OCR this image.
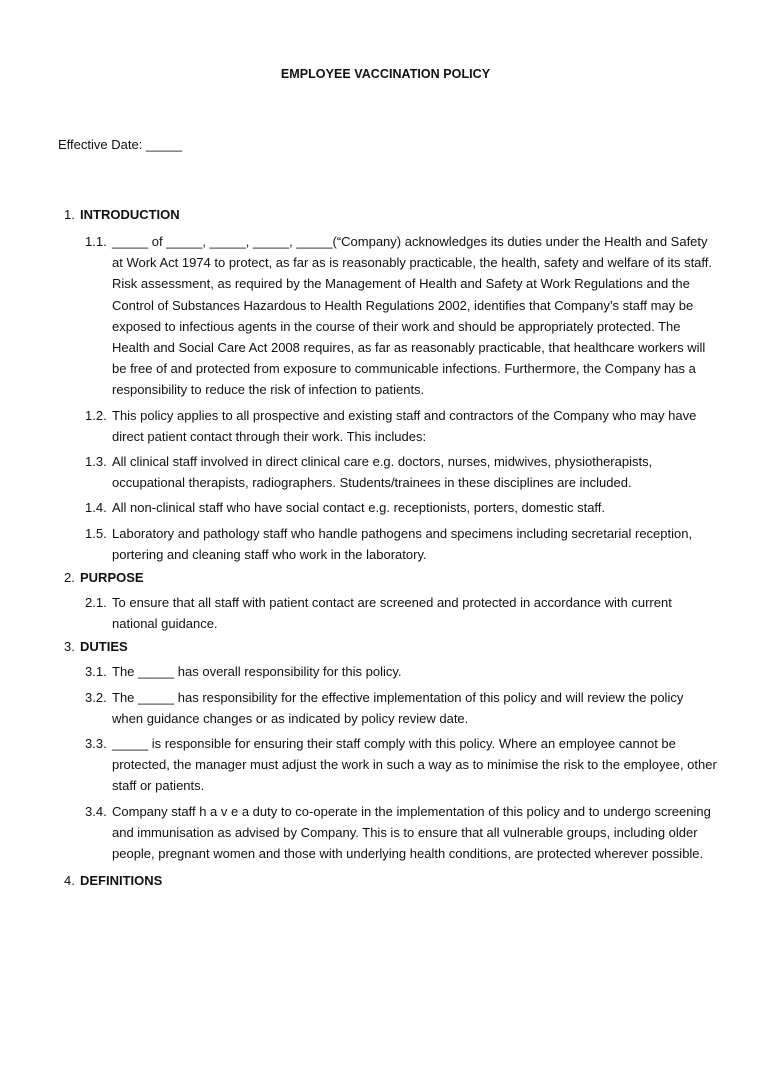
EMPLOYEE VACCINATION POLICY
Effective Date: _____
1. INTRODUCTION
1.1. _____ of _____, _____, _____, _____(“Company) acknowledges its duties under the Health and Safety at Work Act 1974 to protect, as far as is reasonably practicable, the health, safety and welfare of its staff. Risk assessment, as required by the Management of Health and Safety at Work Regulations and the Control of Substances Hazardous to Health Regulations 2002, identifies that Company’s staff may be exposed to infectious agents in the course of their work and should be appropriately protected. The Health and Social Care Act 2008 requires, as far as reasonably practicable, that healthcare workers will be free of and protected from exposure to communicable infections. Furthermore, the Company has a responsibility to reduce the risk of infection to patients.
1.2. This policy applies to all prospective and existing staff and contractors of the Company who may have direct patient contact through their work. This includes:
1.3. All clinical staff involved in direct clinical care e.g. doctors, nurses, midwives, physiotherapists, occupational therapists, radiographers. Students/trainees in these disciplines are included.
1.4. All non-clinical staff who have social contact e.g. receptionists, porters, domestic staff.
1.5. Laboratory and pathology staff who handle pathogens and specimens including secretarial reception, portering and cleaning staff who work in the laboratory.
2. PURPOSE
2.1. To ensure that all staff with patient contact are screened and protected in accordance with current national guidance.
3. DUTIES
3.1. The _____ has overall responsibility for this policy.
3.2. The _____ has responsibility for the effective implementation of this policy and will review the policy when guidance changes or as indicated by policy review date.
3.3. _____ is responsible for ensuring their staff comply with this policy. Where an employee cannot be protected, the manager must adjust the work in such a way as to minimise the risk to the employee, other staff or patients.
3.4. Company staff h a v e a duty to co-operate in the implementation of this policy and to undergo screening and immunisation as advised by Company. This is to ensure that all vulnerable groups, including older people, pregnant women and those with underlying health conditions, are protected wherever possible.
4. DEFINITIONS
